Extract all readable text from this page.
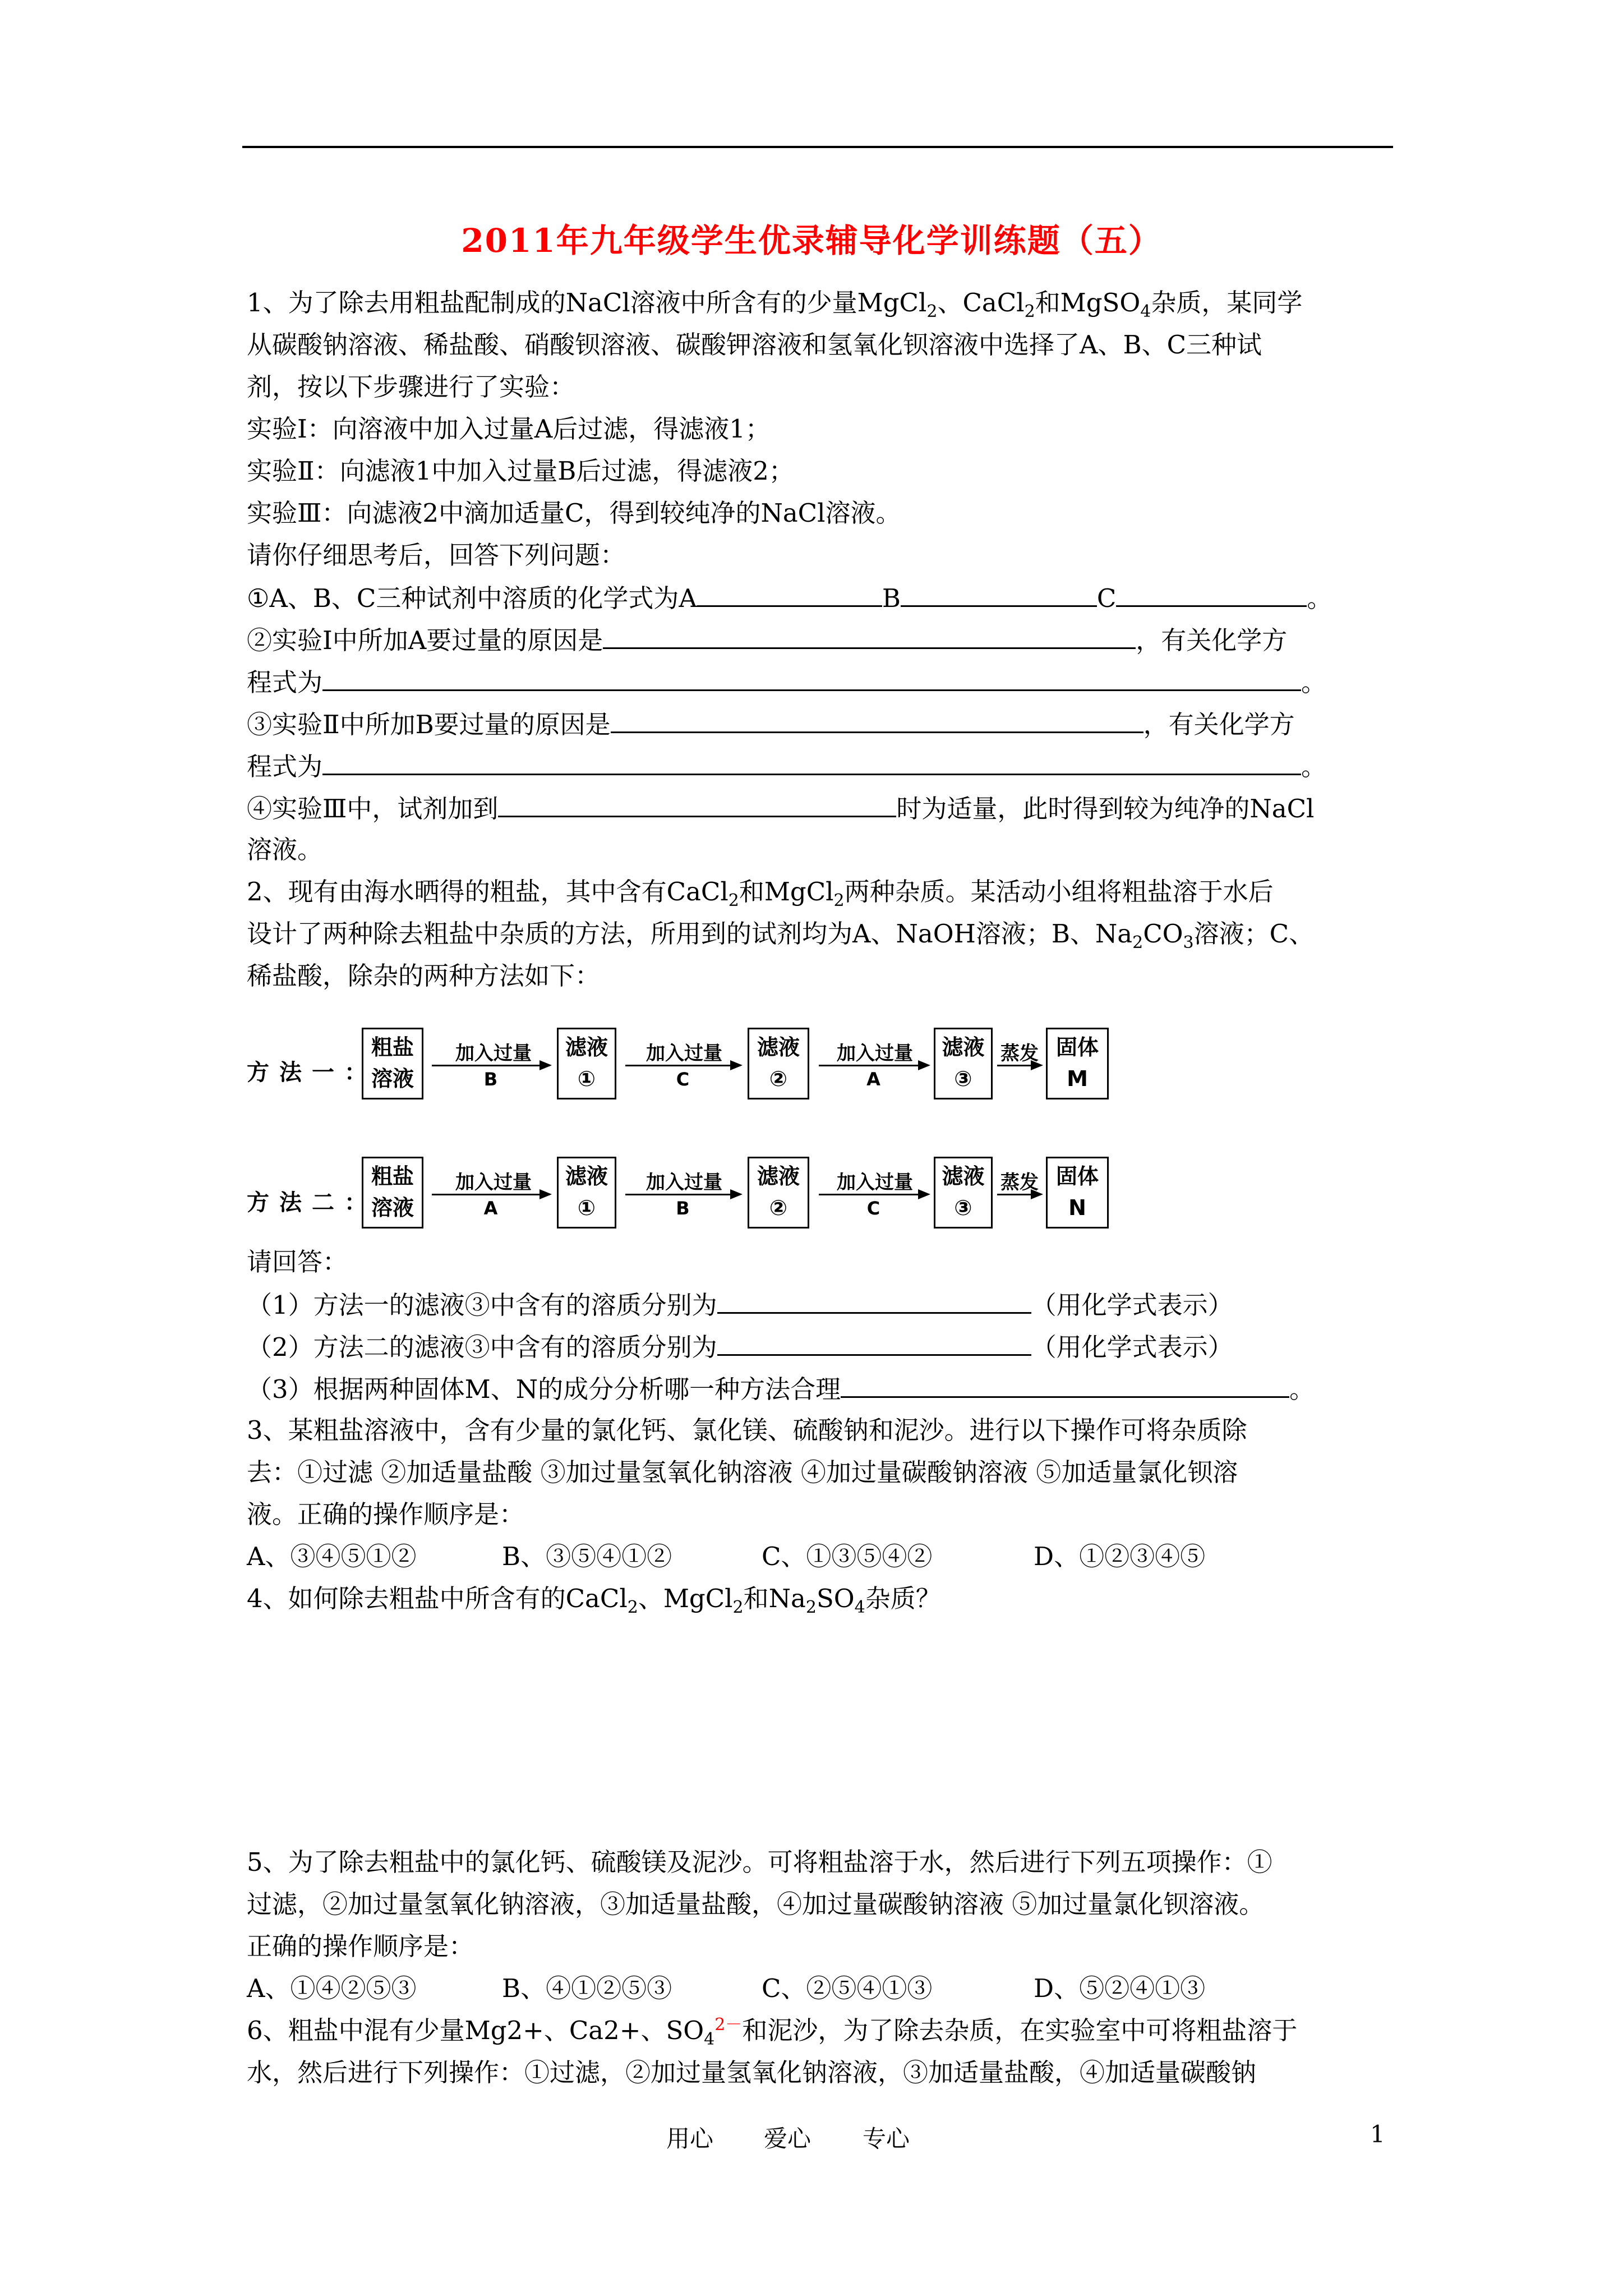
2011年九年级学生优录辅导化学训练题（五）
1、为了除去用粗盐配制成的NaCl溶液中所含有的少量MgCl$_2$、CaCl$_2$和MgSO$_4$杂质，某同学
从碳酸钠溶液、稀盐酸、硝酸钡溶液、碳酸钾溶液和氢氧化钡溶液中选择了A、B、C三种试
剂，按以下步骤进行了实验：
实验Ⅰ：向溶液中加入过量A后过滤，得滤液1；
实验Ⅱ：向滤液1中加入过量B后过滤，得滤液2；
实验Ⅲ：向滤液2中滴加适量C，得到较纯净的NaCl溶液。
请你仔细思考后，回答下列问题：
①A、B、C三种试剂中溶质的化学式为A	B	C	。
②实验Ⅰ中所加A要过量的原因是	，有关化学方
程式为	。
③实验Ⅱ中所加B要过量的原因是	，有关化学方
程式为	。
④实验Ⅲ中，试剂加到	时为适量，此时得到较为纯净的NaCl
溶液。
2、现有由海水晒得的粗盐，其中含有CaCl$_2$和MgCl$_2$两种杂质。某活动小组将粗盐溶于水后
设计了两种除去粗盐中杂质的方法，所用到的试剂均为A、NaOH溶液；B、$Na_2CO_3$溶液；C、
稀盐酸，除杂的两种方法如下：
方法一：
粗盐
溶液
加入过量
B
滤液
①
加入过量
C
滤液
②
加入过量
A
滤液
③
蒸发 固体
M
方法二：
粗盐
溶液
加入过量
A
滤液
①
加入过量
B
滤液
②
加入过量
C
滤液
③
蒸发 固体
N
请回答：
（1）方法一的滤液③中含有的溶质分别为	（用化学式表示）
（2）方法二的滤液③中含有的溶质分别为	（用化学式表示）
（3）根据两种固体M、N的成分分析哪一种方法合理	。
3、某粗盐溶液中，含有少量的氯化钙、氯化镁、硫酸钠和泥沙。进行以下操作可将杂质除
去：①过滤 ②加适量盐酸 ③加过量氢氧化钠溶液 ④加过量碳酸钠溶液 ⑤加适量氯化钡溶
液。正确的操作顺序是：
A、③④⑤①②	B、③⑤④①②	C、①③⑤④②	D、①②③④⑤
4、如何除去粗盐中所含有的CaCl$_2$、MgCl$_2$和$Na_2SO_4$杂质？
5、为了除去粗盐中的氯化钙、硫酸镁及泥沙。可将粗盐溶于水，然后进行下列五项操作：①
过滤，②加过量氢氧化钠溶液，③加适量盐酸，④加过量碳酸钠溶液 ⑤加过量氯化钡溶液。
正确的操作顺序是：
A、①④②⑤③	B、④①②⑤③	C、②⑤④①③	D、⑤②④①③
6、粗盐中混有少量Mg2+、Ca2+、$SO_4^{2-}$和泥沙，为了除去杂质，在实验室中可将粗盐溶于
水，然后进行下列操作：①过滤，②加过量氢氧化钠溶液，③加适量盐酸，④加适量碳酸钠
用心 爱心 专心	1
